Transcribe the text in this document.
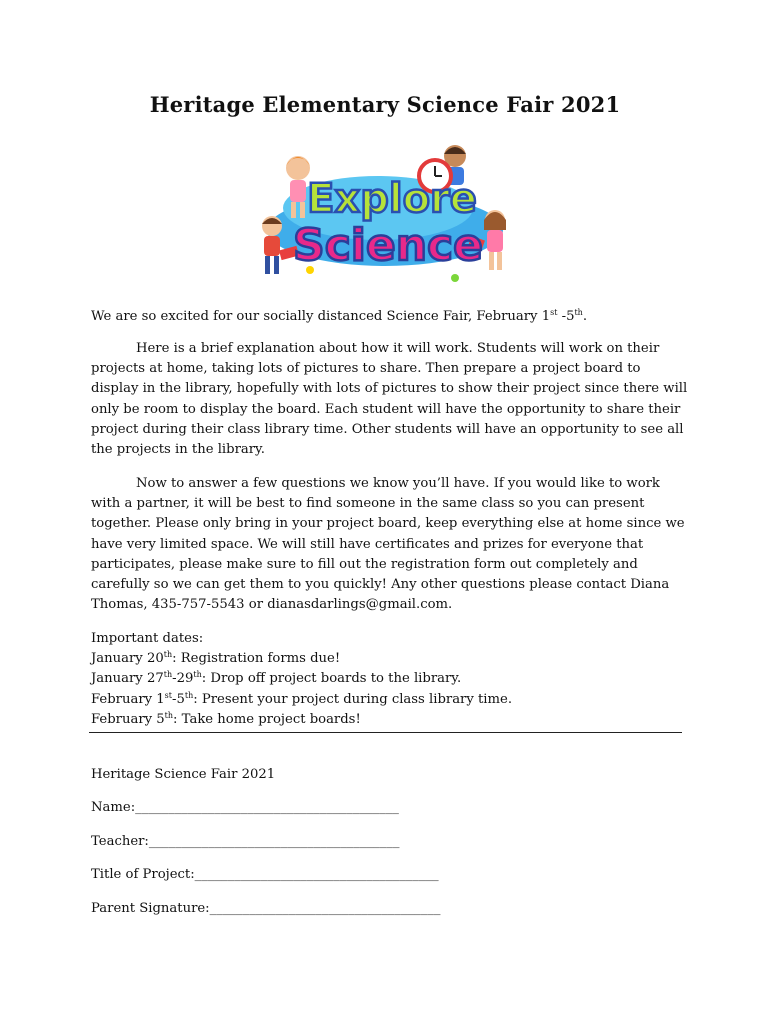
Heritage Elementary Science Fair 2021
Explore
Science
We are so excited for our socially distanced Science Fair, February 1st -5th.
Here is a brief explanation about how it will work. Students will work on their
projects at home, taking lots of pictures to share. Then prepare a project board to
display in the library, hopefully with lots of pictures to show their project since there will
only be room to display the board. Each student will have the opportunity to share their
project during their class library time. Other students will have an opportunity to see all
the projects in the library.
Now to answer a few questions we know you’ll have. If you would like to work
with a partner, it will be best to find someone in the same class so you can present
together. Please only bring in your project board, keep everything else at home since we
have very limited space. We will still have certificates and prizes for everyone that
participates, please make sure to fill out the registration form out completely and
carefully so we can get them to you quickly! Any other questions please contact Diana
Thomas, 435-757-5543 or dianasdarlings@gmail.com.
Important dates:
January 20th: Registration forms due!
January 27th-29th: Drop off project boards to the library.
February 1st-5th: Present your project during class library time.
February 5th: Take home project boards!
Heritage Science Fair 2021
Name:________________________________________
Teacher:______________________________________
Title of Project:_____________________________________
Parent Signature:___________________________________
